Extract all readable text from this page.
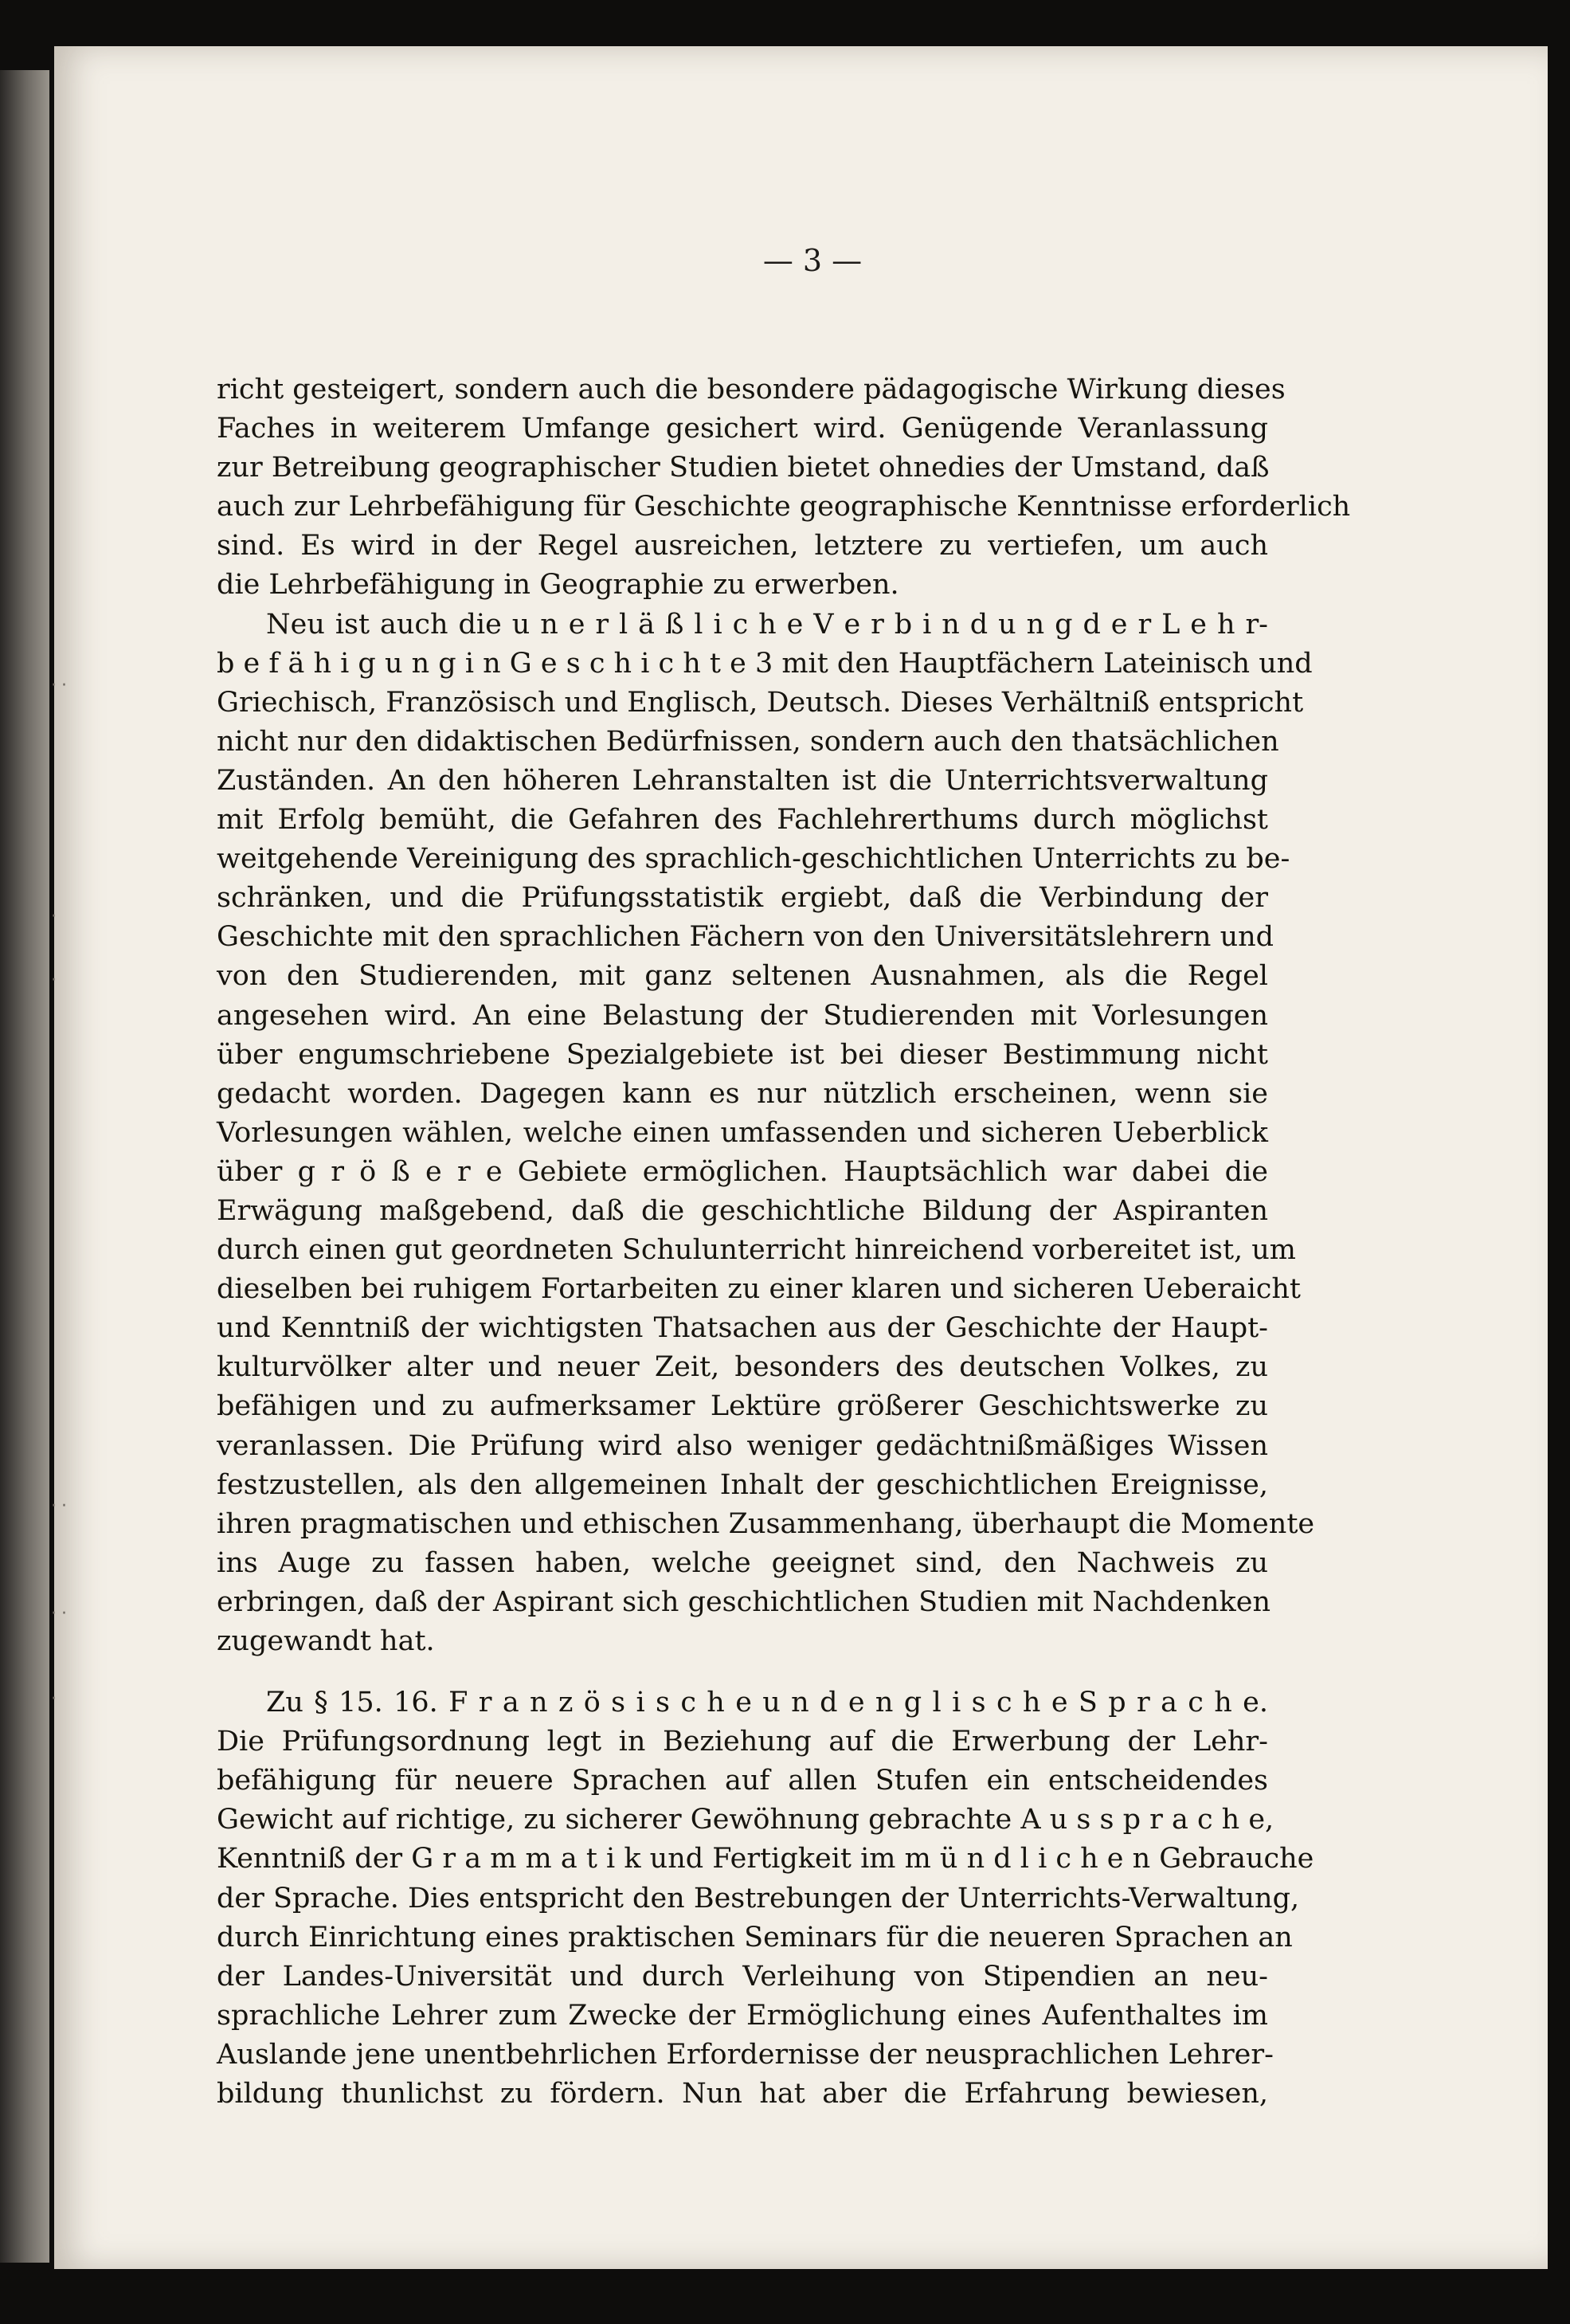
··
·
·
··
··
·
— 3 —
richt gesteigert, sondern auch die besondere pädagogische Wirkung dieses
Faches in weiterem Umfange gesichert wird. Genügende Veranlassung
zur Betreibung geographischer Studien bietet ohnedies der Umstand, daß
auch zur Lehrbefähigung für Geschichte geographische Kenntnisse erforderlich
sind. Es wird in der Regel ausreichen, letztere zu vertiefen, um auch
die Lehrbefähigung in Geographie zu erwerben.
Neu ist auch die u n e r l ä ß l i c h e V e r b i n d u n g d e r L e h r-
b e f ä h i g u n g i n G e s c h i c h t e 3 mit den Hauptfächern Lateinisch und
Griechisch, Französisch und Englisch, Deutsch. Dieses Verhältniß entspricht
nicht nur den didaktischen Bedürfnissen, sondern auch den thatsächlichen
Zuständen. An den höheren Lehranstalten ist die Unterrichtsverwaltung
mit Erfolg bemüht, die Gefahren des Fachlehrerthums durch möglichst
weitgehende Vereinigung des sprachlich-geschichtlichen Unterrichts zu be-
schränken, und die Prüfungsstatistik ergiebt, daß die Verbindung der
Geschichte mit den sprachlichen Fächern von den Universitätslehrern und
von den Studierenden, mit ganz seltenen Ausnahmen, als die Regel
angesehen wird. An eine Belastung der Studierenden mit Vorlesungen
über engumschriebene Spezialgebiete ist bei dieser Bestimmung nicht
gedacht worden. Dagegen kann es nur nützlich erscheinen, wenn sie
Vorlesungen wählen, welche einen umfassenden und sicheren Ueberblick
über g r ö ß e r e Gebiete ermöglichen. Hauptsächlich war dabei die
Erwägung maßgebend, daß die geschichtliche Bildung der Aspiranten
durch einen gut geordneten Schulunterricht hinreichend vorbereitet ist, um
dieselben bei ruhigem Fortarbeiten zu einer klaren und sicheren Ueberaicht
und Kenntniß der wichtigsten Thatsachen aus der Geschichte der Haupt-
kulturvölker alter und neuer Zeit, besonders des deutschen Volkes, zu
befähigen und zu aufmerksamer Lektüre größerer Geschichtswerke zu
veranlassen. Die Prüfung wird also weniger gedächtnißmäßiges Wissen
festzustellen, als den allgemeinen Inhalt der geschichtlichen Ereignisse,
ihren pragmatischen und ethischen Zusammenhang, überhaupt die Momente
ins Auge zu fassen haben, welche geeignet sind, den Nachweis zu
erbringen, daß der Aspirant sich geschichtlichen Studien mit Nachdenken
zugewandt hat.
Zu § 15. 16. F r a n z ö s i s c h e u n d e n g l i s c h e S p r a c h e.
Die Prüfungsordnung legt in Beziehung auf die Erwerbung der Lehr-
befähigung für neuere Sprachen auf allen Stufen ein entscheidendes
Gewicht auf richtige, zu sicherer Gewöhnung gebrachte A u s s p r a c h e,
Kenntniß der G r a m m a t i k und Fertigkeit im m ü n d l i c h e n Gebrauche
der Sprache. Dies entspricht den Bestrebungen der Unterrichts-Verwaltung,
durch Einrichtung eines praktischen Seminars für die neueren Sprachen an
der Landes-Universität und durch Verleihung von Stipendien an neu-
sprachliche Lehrer zum Zwecke der Ermöglichung eines Aufenthaltes im
Auslande jene unentbehrlichen Erfordernisse der neusprachlichen Lehrer-
bildung thunlichst zu fördern. Nun hat aber die Erfahrung bewiesen,
